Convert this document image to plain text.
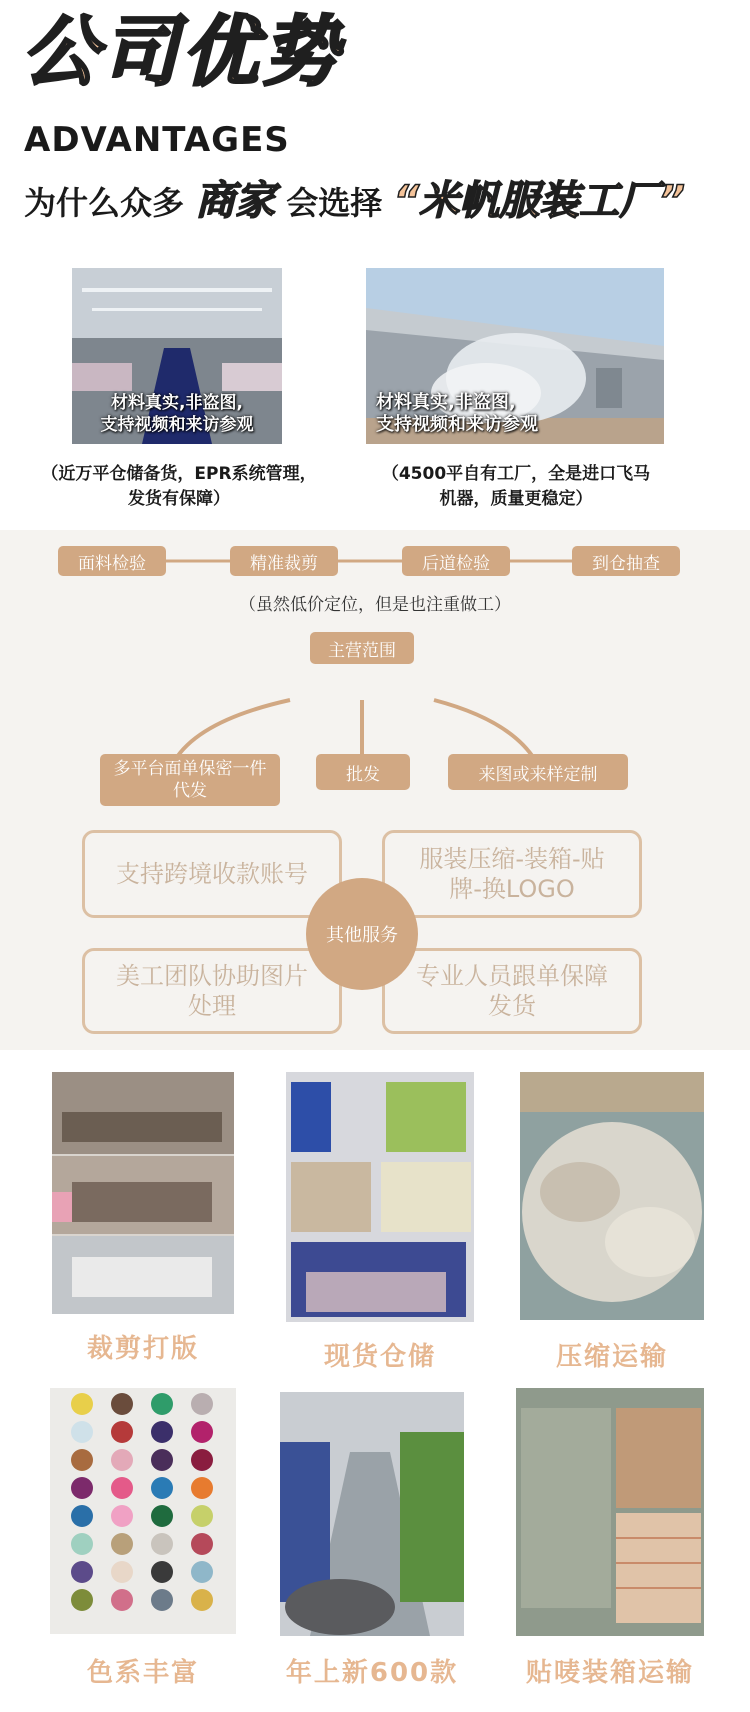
公司优势
ADVANTAGES
为什么众多 商家 会选择 “米帆服装工厂”
材料真实,非盗图,
支持视频和来访参观
材料真实,非盗图,
支持视频和来访参观
（近万平仓储备货，EPR系统管理，
发货有保障）
（4500平自有工厂，全是进口飞马
机器，质量更稳定）
面料检验	精准裁剪	后道检验	到仓抽查
（虽然低价定位，但是也注重做工）
主营范围
多平台面单保密一件代发
批发	来图或来样定制
支持跨境收款账号
服装压缩-装箱-贴牌-换LOGO
美工团队协助图片处理
专业人员跟单保障发货
其他服务
裁剪打版	现货仓储	压缩运输
色系丰富	年上新600款	贴唛装箱运输
